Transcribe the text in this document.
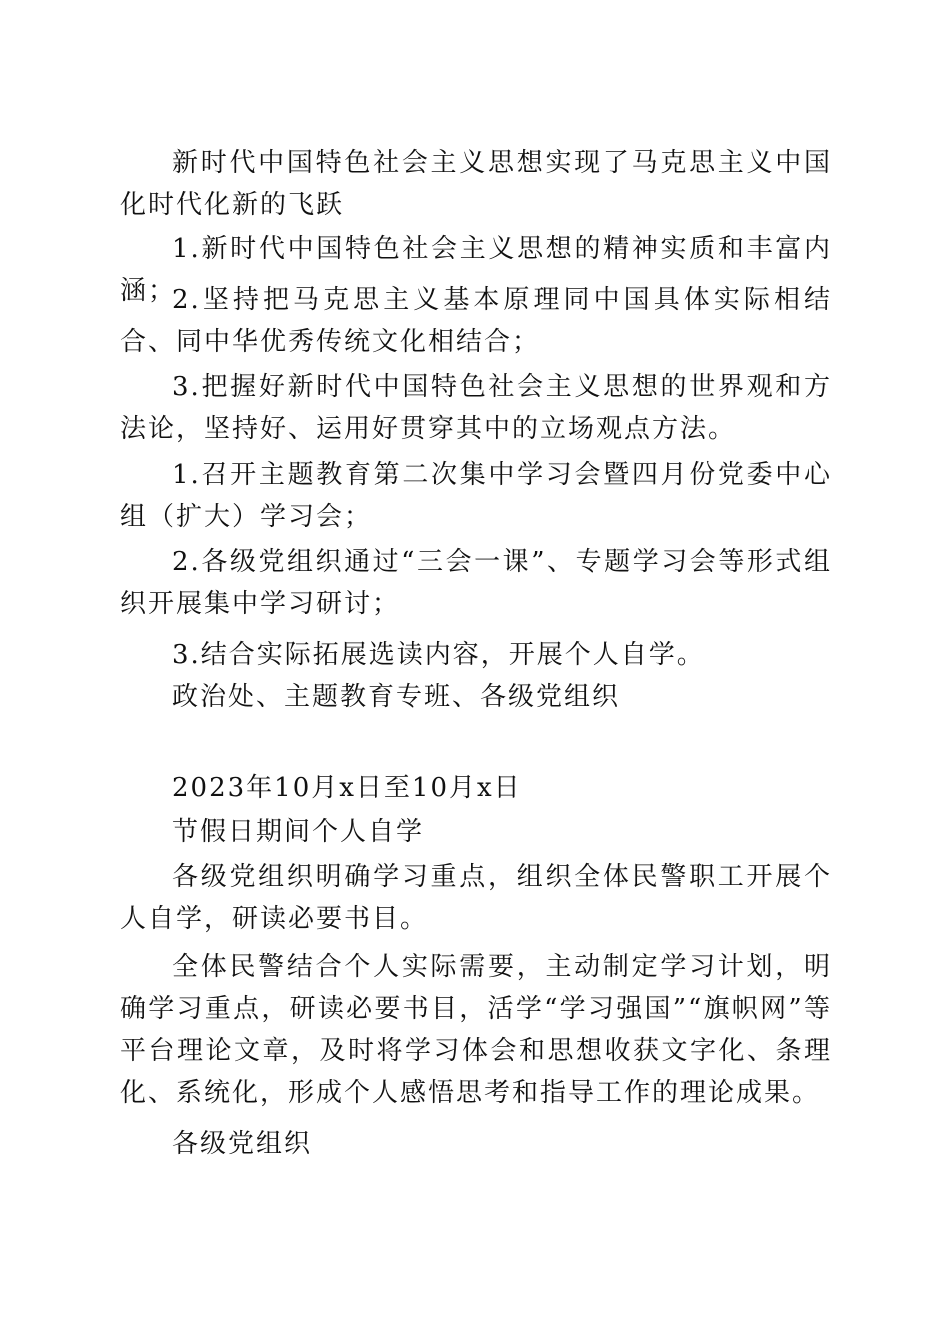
新时代中国特色社会主义思想实现了马克思主义中国化时代化新的飞跃

1.新时代中国特色社会主义思想的精神实质和丰富内涵；

2.坚持把马克思主义基本原理同中国具体实际相结合、同中华优秀传统文化相结合；

3.把握好新时代中国特色社会主义思想的世界观和方法论，坚持好、运用好贯穿其中的立场观点方法。

1.召开主题教育第二次集中学习会暨四月份党委中心组（扩大）学习会；

2.各级党组织通过“三会一课”、专题学习会等形式组织开展集中学习研讨；

3.结合实际拓展选读内容，开展个人自学。

政治处、主题教育专班、各级党组织

2023年10月x日至10月x日

节假日期间个人自学

各级党组织明确学习重点，组织全体民警职工开展个人自学，研读必要书目。

全体民警结合个人实际需要，主动制定学习计划，明确学习重点，研读必要书目，活学“学习强国”“旗帜网”等平台理论文章，及时将学习体会和思想收获文字化、条理化、系统化，形成个人感悟思考和指导工作的理论成果。

各级党组织
